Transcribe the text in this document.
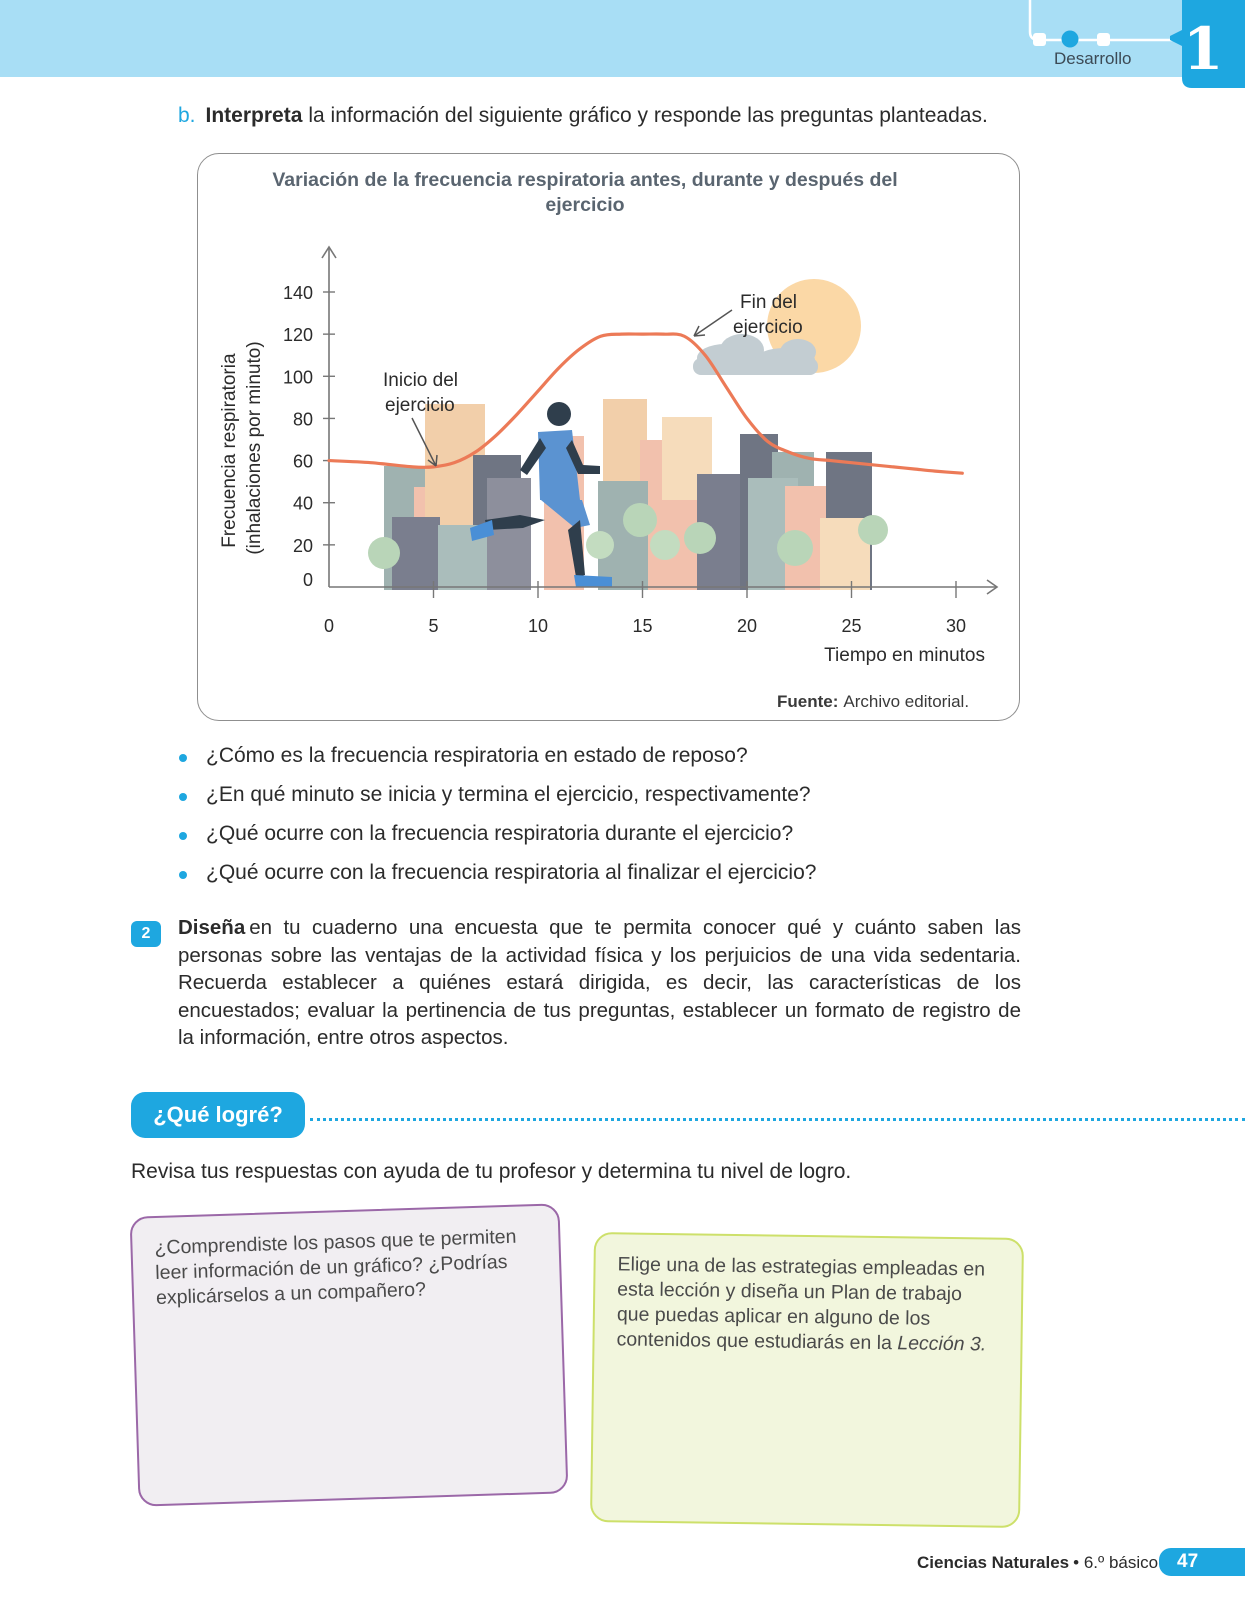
Desarrollo 1
b. Interpreta la información del siguiente gráfico y responde las preguntas planteadas.
Variación de la frecuencia respiratoria antes, durante y después del ejercicio
0
20
40
60
80
100
120
140
0	5	10	15	20	25	30
Frecuencia respiratoria (inhalaciones por minuto)
Tiempo en minutos
Inicio del ejercicio
Fin del ejercicio
Fuente: Archivo editorial.
¿Cómo es la frecuencia respiratoria en estado de reposo?
¿En qué minuto se inicia y termina el ejercicio, respectivamente?
¿Qué ocurre con la frecuencia respiratoria durante el ejercicio?
¿Qué ocurre con la frecuencia respiratoria al finalizar el ejercicio?
2	Diseña en tu cuaderno una encuesta que te permita conocer qué y cuánto saben las personas sobre las ventajas de la actividad física y los perjuicios de una vida sedentaria. Recuerda establecer a quiénes estará dirigida, es decir, las características de los encuestados; evaluar la pertinencia de tus preguntas, establecer un formato de registro de la información, entre otros aspectos.
¿Qué logré?
Revisa tus respuestas con ayuda de tu profesor y determina tu nivel de logro.
¿Comprendiste los pasos que te permiten leer información de un gráfico? ¿Podrías explicárselos a un compañero?
Elige una de las estrategias empleadas en esta lección y diseña un Plan de trabajo que puedas aplicar en alguno de los contenidos que estudiarás en la Lección 3.
Ciencias Naturales • 6.º básico 47
